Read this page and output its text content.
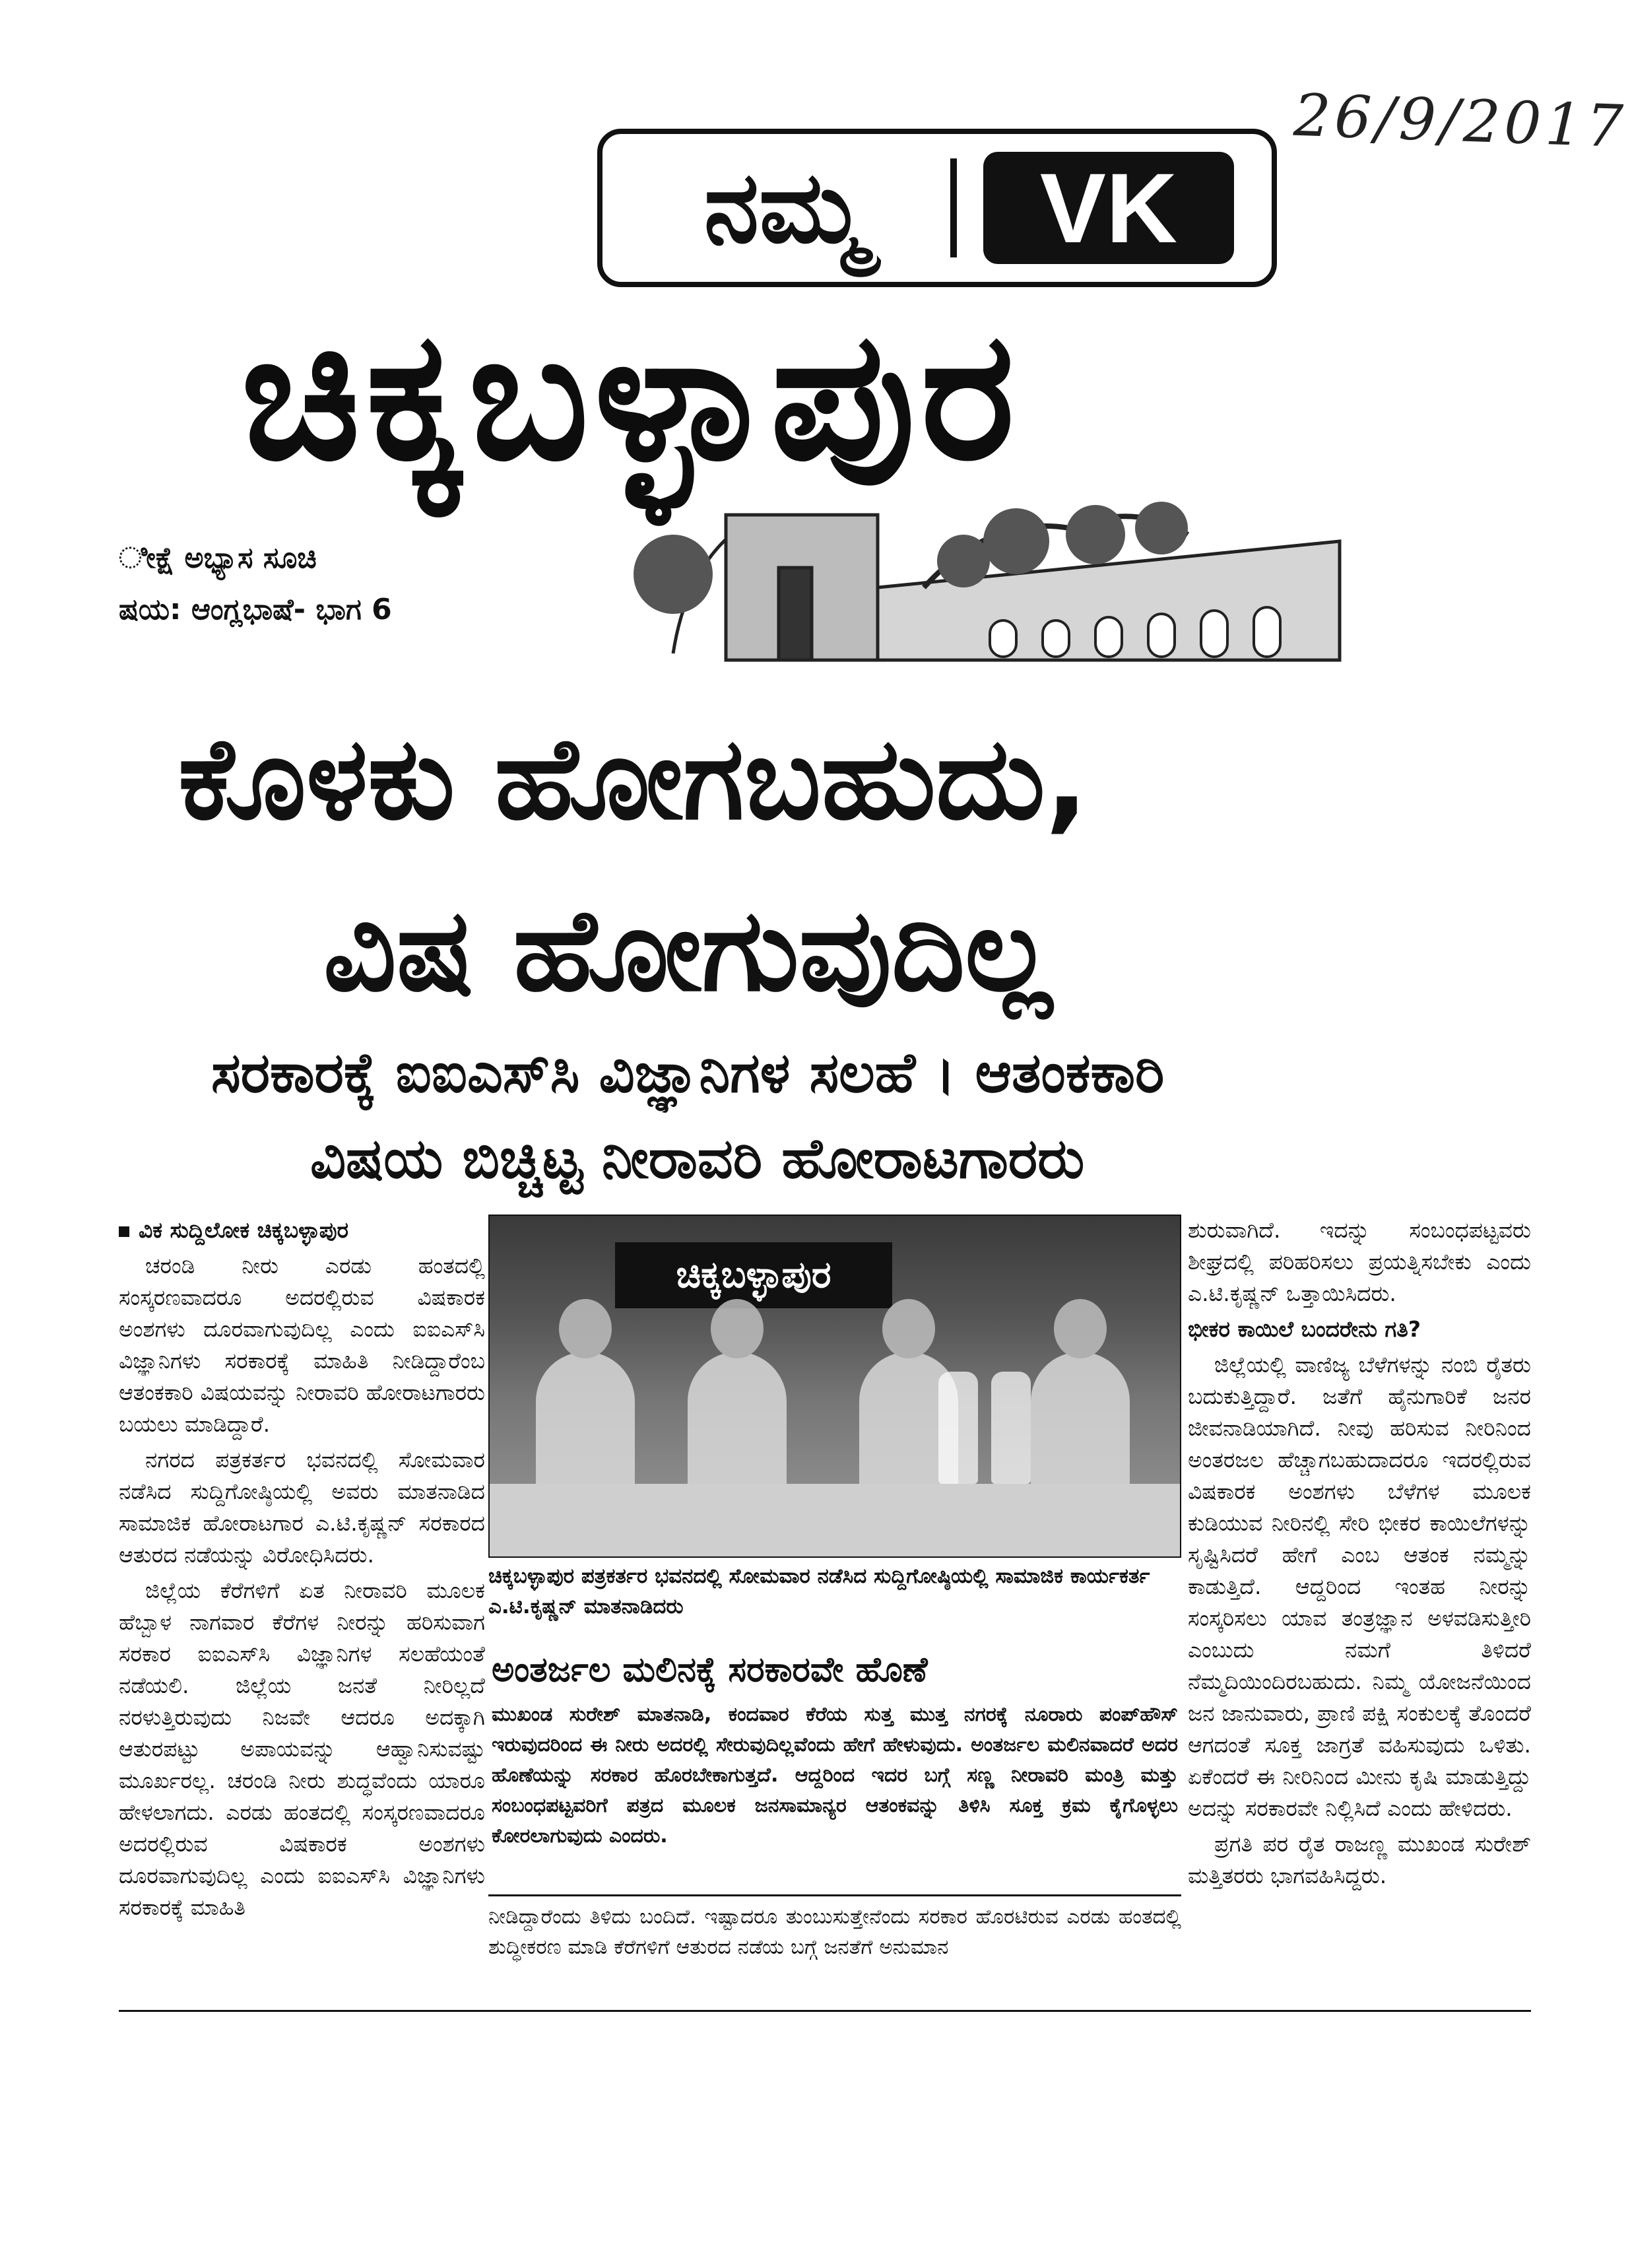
26/9/2017
ನಮ್ಮ	VK
ಚಿಕ್ಕಬಳ್ಳಾಪುರ
ೀಕ್ಷೆ ಅಭ್ಯಾಸ ಸೂಚಿ
ಷಯ: ಆಂಗ್ಲಭಾಷೆ- ಭಾಗ 6
ಕೊಳಕು ಹೋಗಬಹುದು,
ವಿಷ ಹೋಗುವುದಿಲ್ಲ
ಸರಕಾರಕ್ಕೆ ಐಐಎಸ್‌ಸಿ ವಿಜ್ಞಾನಿಗಳ ಸಲಹೆ । ಆತಂಕಕಾರಿ
ವಿಷಯ ಬಿಚ್ಚಿಟ್ಟ ನೀರಾವರಿ ಹೋರಾಟಗಾರರು
ವಿಕ ಸುದ್ದಿಲೋಕ ಚಿಕ್ಕಬಳ್ಳಾಪುರ

ಚರಂಡಿ ನೀರು ಎರಡು ಹಂತದಲ್ಲಿ ಸಂಸ್ಕರಣವಾದರೂ ಅದರಲ್ಲಿರುವ ವಿಷಕಾರಕ ಅಂಶಗಳು ದೂರವಾಗುವುದಿಲ್ಲ ಎಂದು ಐಐಎಸ್‌ಸಿ ವಿಜ್ಞಾನಿಗಳು ಸರಕಾರಕ್ಕೆ ಮಾಹಿತಿ ನೀಡಿದ್ದಾರೆಂಬ ಆತಂಕಕಾರಿ ವಿಷಯವನ್ನು ನೀರಾವರಿ ಹೋರಾಟಗಾರರು ಬಯಲು ಮಾಡಿದ್ದಾರೆ.

ನಗರದ ಪತ್ರಕರ್ತರ ಭವನದಲ್ಲಿ ಸೋಮವಾರ ನಡೆಸಿದ ಸುದ್ದಿಗೋಷ್ಠಿಯಲ್ಲಿ ಅವರು ಮಾತನಾಡಿದ ಸಾಮಾಜಿಕ ಹೋರಾಟಗಾರ ಎ.ಟಿ.ಕೃಷ್ಣನ್ ಸರಕಾರದ ಆತುರದ ನಡೆಯನ್ನು ವಿರೋಧಿಸಿದರು.

ಜಿಲ್ಲೆಯ ಕೆರೆಗಳಿಗೆ ಏತ ನೀರಾವರಿ ಮೂಲಕ ಹೆಬ್ಬಾಳ ನಾಗವಾರ ಕೆರೆಗಳ ನೀರನ್ನು ಹರಿಸುವಾಗ ಸರಕಾರ ಐಐಎಸ್‌ಸಿ ವಿಜ್ಞಾನಿಗಳ ಸಲಹೆಯಂತೆ ನಡೆಯಲಿ. ಜಿಲ್ಲೆಯ ಜನತೆ ನೀರಿಲ್ಲದೆ ನರಳುತ್ತಿರುವುದು ನಿಜವೇ ಆದರೂ ಅದಕ್ಕಾಗಿ ಆತುರಪಟ್ಟು ಅಪಾಯವನ್ನು ಆಹ್ವಾನಿಸುವಷ್ಟು ಮೂರ್ಖರಲ್ಲ. ಚರಂಡಿ ನೀರು ಶುದ್ಧವೆಂದು ಯಾರೂ ಹೇಳಲಾಗದು. ಎರಡು ಹಂತದಲ್ಲಿ ಸಂಸ್ಕರಣವಾದರೂ ಅದರಲ್ಲಿರುವ ವಿಷಕಾರಕ ಅಂಶಗಳು ದೂರವಾಗುವುದಿಲ್ಲ ಎಂದು ಐಐಎಸ್‌ಸಿ ವಿಜ್ಞಾನಿಗಳು ಸರಕಾರಕ್ಕೆ ಮಾಹಿತಿ

ಚಿಕ್ಕಬಳ್ಳಾಪುರ
ಚಿಕ್ಕಬಳ್ಳಾಪುರ ಪತ್ರಕರ್ತರ ಭವನದಲ್ಲಿ ಸೋಮವಾರ ನಡೆಸಿದ ಸುದ್ದಿಗೋಷ್ಠಿಯಲ್ಲಿ ಸಾಮಾಜಿಕ ಕಾರ್ಯಕರ್ತ ಎ.ಟಿ.ಕೃಷ್ಣನ್ ಮಾತನಾಡಿದರು
ಅಂತರ್ಜಲ ಮಲಿನಕ್ಕೆ ಸರಕಾರವೇ ಹೊಣೆ
ಮುಖಂಡ ಸುರೇಶ್ ಮಾತನಾಡಿ, ಕಂದವಾರ ಕೆರೆಯ ಸುತ್ತ ಮುತ್ತ ನಗರಕ್ಕೆ ನೂರಾರು ಪಂಪ್‌ಹೌಸ್ ಇರುವುದರಿಂದ ಈ ನೀರು ಅದರಲ್ಲಿ ಸೇರುವುದಿಲ್ಲವೆಂದು ಹೇಗೆ ಹೇಳುವುದು. ಅಂತರ್ಜಲ ಮಲಿನವಾದರೆ ಅದರ ಹೊಣೆಯನ್ನು ಸರಕಾರ ಹೊರಬೇಕಾಗುತ್ತದೆ. ಆದ್ದರಿಂದ ಇದರ ಬಗ್ಗೆ ಸಣ್ಣ ನೀರಾವರಿ ಮಂತ್ರಿ ಮತ್ತು ಸಂಬಂಧಪಟ್ಟವರಿಗೆ ಪತ್ರದ ಮೂಲಕ ಜನಸಾಮಾನ್ಯರ ಆತಂಕವನ್ನು ತಿಳಿಸಿ ಸೂಕ್ತ ಕ್ರಮ ಕೈಗೊಳ್ಳಲು ಕೋರಲಾಗುವುದು ಎಂದರು.
ನೀಡಿದ್ದಾರೆಂದು ತಿಳಿದು ಬಂದಿದೆ. ಇಷ್ಟಾದರೂ ತುಂಬುಸುತ್ತೇನೆಂದು ಸರಕಾರ ಹೊರಟಿರುವ ಎರಡು ಹಂತದಲ್ಲಿ ಶುದ್ಧೀಕರಣ ಮಾಡಿ ಕೆರೆಗಳಿಗೆ ಆತುರದ ನಡೆಯ ಬಗ್ಗೆ ಜನತೆಗೆ ಅನುಮಾನ

ಶುರುವಾಗಿದೆ. ಇದನ್ನು ಸಂಬಂಧಪಟ್ಟವರು ಶೀಘ್ರದಲ್ಲಿ ಪರಿಹರಿಸಲು ಪ್ರಯತ್ನಿಸಬೇಕು ಎಂದು ಎ.ಟಿ.ಕೃಷ್ಣನ್ ಒತ್ತಾಯಿಸಿದರು.

ಭೀಕರ ಕಾಯಿಲೆ ಬಂದರೇನು ಗತಿ?

ಜಿಲ್ಲೆಯಲ್ಲಿ ವಾಣಿಜ್ಯ ಬೆಳೆಗಳನ್ನು ನಂಬಿ ರೈತರು ಬದುಕುತ್ತಿದ್ದಾರೆ. ಜತೆಗೆ ಹೈನುಗಾರಿಕೆ ಜನರ ಜೀವನಾಡಿಯಾಗಿದೆ. ನೀವು ಹರಿಸುವ ನೀರಿನಿಂದ ಅಂತರಜಲ ಹೆಚ್ಚಾಗಬಹುದಾದರೂ ಇದರಲ್ಲಿರುವ ವಿಷಕಾರಕ ಅಂಶಗಳು ಬೆಳೆಗಳ ಮೂಲಕ ಕುಡಿಯುವ ನೀರಿನಲ್ಲಿ ಸೇರಿ ಭೀಕರ ಕಾಯಿಲೆಗಳನ್ನು ಸೃಷ್ಟಿಸಿದರೆ ಹೇಗೆ ಎಂಬ ಆತಂಕ ನಮ್ಮನ್ನು ಕಾಡುತ್ತಿದೆ. ಆದ್ದರಿಂದ ಇಂತಹ ನೀರನ್ನು ಸಂಸ್ಕರಿಸಲು ಯಾವ ತಂತ್ರಜ್ಞಾನ ಅಳವಡಿಸುತ್ತೀರಿ ಎಂಬುದು ನಮಗೆ ತಿಳಿದರೆ ನೆಮ್ಮದಿಯಿಂದಿರಬಹುದು. ನಿಮ್ಮ ಯೋಜನೆಯಿಂದ ಜನ ಜಾನುವಾರು, ಪ್ರಾಣಿ ಪಕ್ಷಿ ಸಂಕುಲಕ್ಕೆ ತೊಂದರೆ ಆಗದಂತೆ ಸೂಕ್ತ ಜಾಗ್ರತೆ ವಹಿಸುವುದು ಒಳಿತು. ಏಕೆಂದರೆ ಈ ನೀರಿನಿಂದ ಮೀನು ಕೃಷಿ ಮಾಡುತ್ತಿದ್ದು ಅದನ್ನು ಸರಕಾರವೇ ನಿಲ್ಲಿಸಿದೆ ಎಂದು ಹೇಳಿದರು.

ಪ್ರಗತಿ ಪರ ರೈತ ರಾಜಣ್ಣ ಮುಖಂಡ ಸುರೇಶ್ ಮತ್ತಿತರರು ಭಾಗವಹಿಸಿದ್ದರು.
